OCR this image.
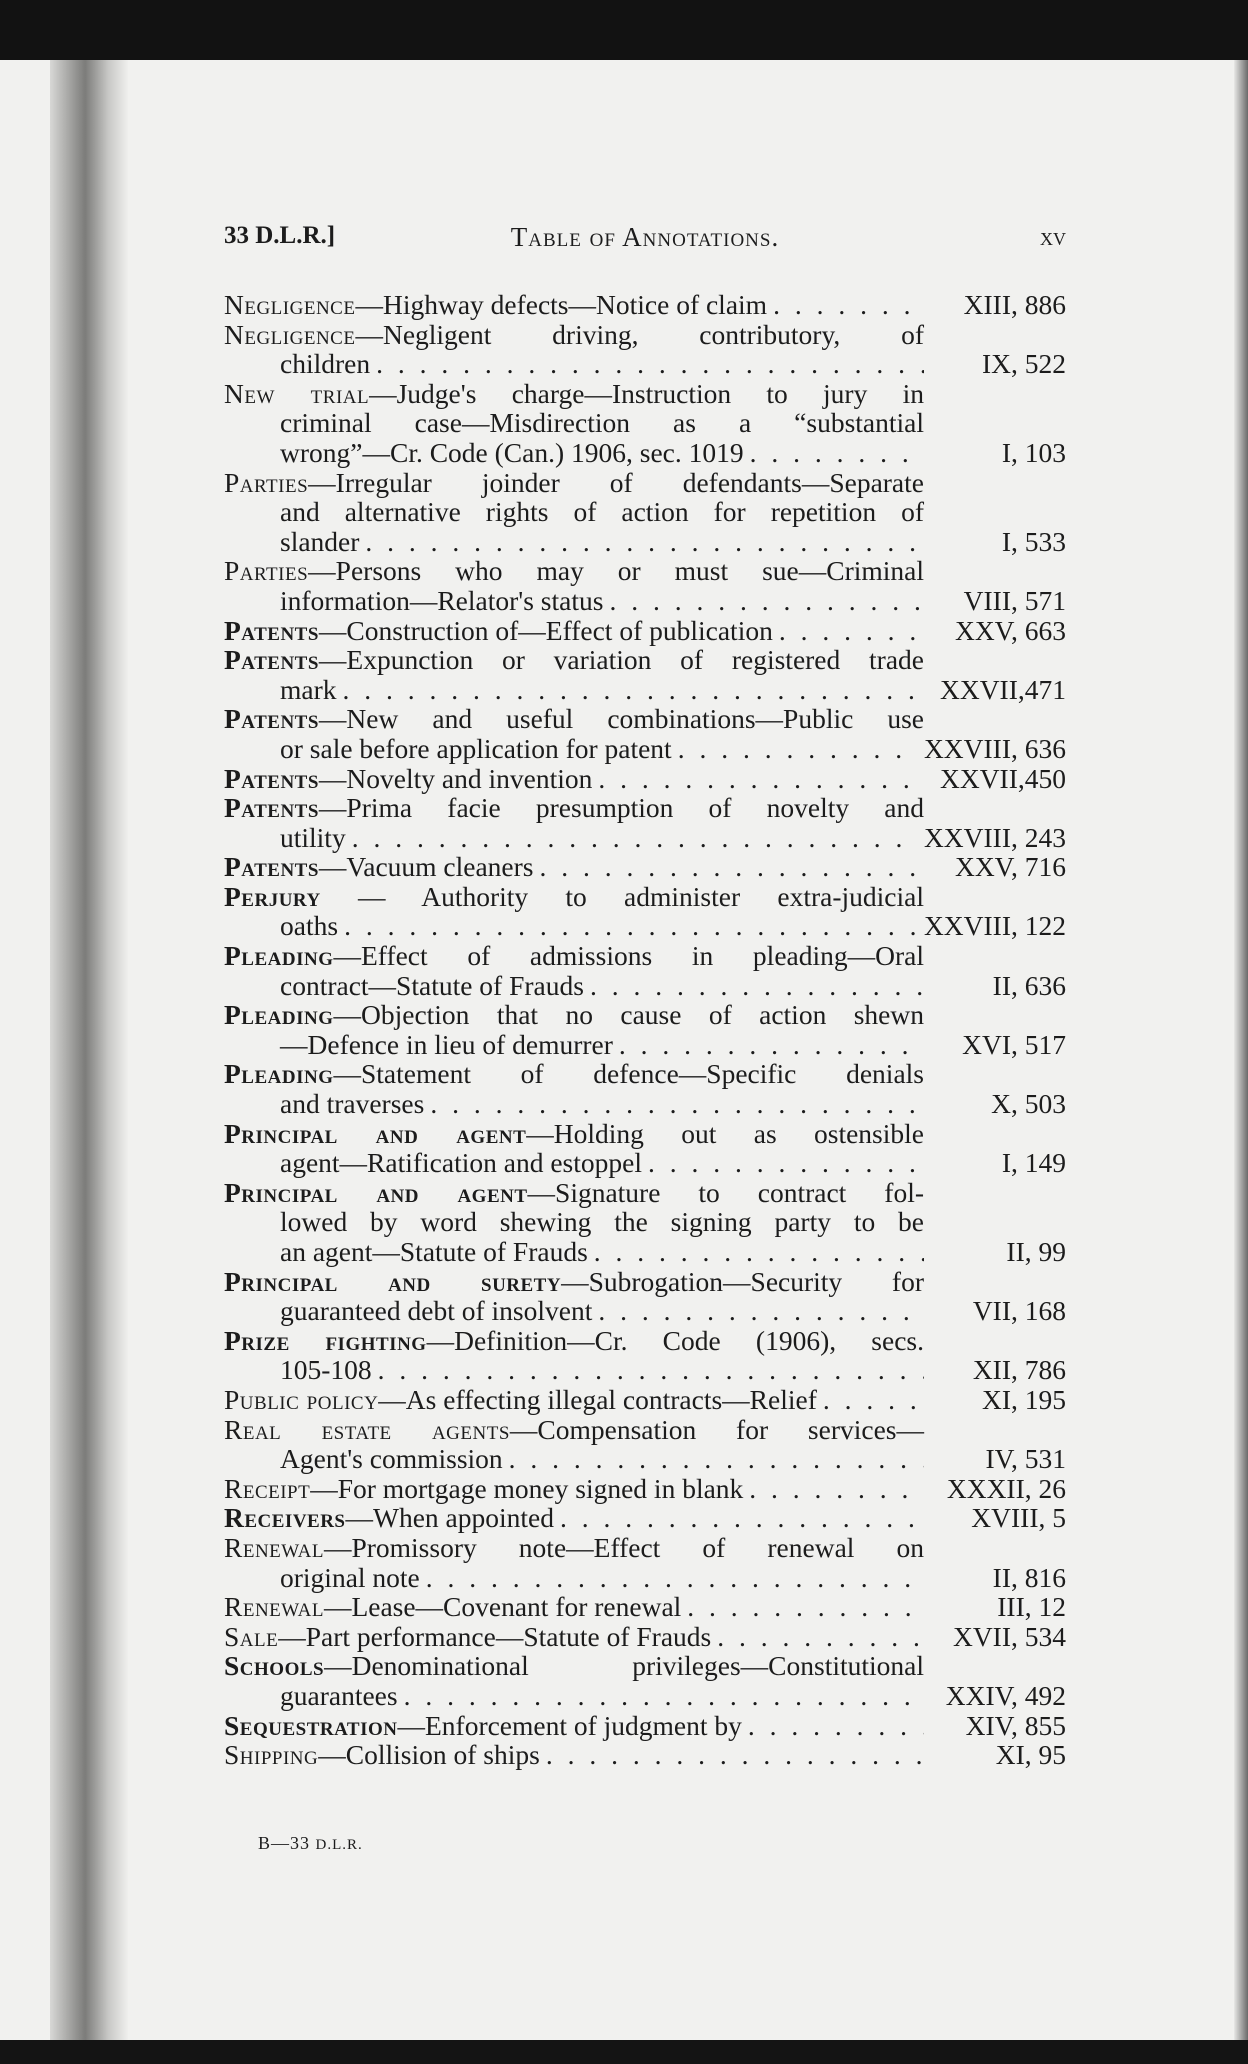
33 D.L.R.]	Table of Annotations.	xv
Negligence—Highway defects—Notice of claim . . .	XIII, 886
Negligence—Negligent driving, contributory, of
children . . .	IX, 522
New trial—Judge's charge—Instruction to jury in
criminal case—Misdirection as a “substantial
wrong”—Cr. Code (Can.) 1906, sec. 1019 . . .	I, 103
Parties—Irregular joinder of defendants—Separate
and alternative rights of action for repetition of
slander . . .	I, 533
Parties—Persons who may or must sue—Criminal
information—Relator's status . . .	VIII, 571
Patents—Construction of—Effect of publication . . .	XXV, 663
Patents—Expunction or variation of registered trade
mark . . .	XXVII,471
Patents—New and useful combinations—Public use
or sale before application for patent . . .	XXVIII, 636
Patents—Novelty and invention . . .	XXVII,450
Patents—Prima facie presumption of novelty and
utility . . .	XXVIII, 243
Patents—Vacuum cleaners . . .	XXV, 716
Perjury — Authority to administer extra-judicial
oaths . . .	XXVIII, 122
Pleading—Effect of admissions in pleading—Oral
contract—Statute of Frauds . . .	II, 636
Pleading—Objection that no cause of action shewn
—Defence in lieu of demurrer . . .	XVI, 517
Pleading—Statement of defence—Specific denials
and traverses . . .	X, 503
Principal and agent—Holding out as ostensible
agent—Ratification and estoppel . . .	I, 149
Principal and agent—Signature to contract fol-
lowed by word shewing the signing party to be
an agent—Statute of Frauds . . .	II, 99
Principal and surety—Subrogation—Security for
guaranteed debt of insolvent . . .	VII, 168
Prize fighting—Definition—Cr. Code (1906), secs.
105-108 . . .	XII, 786
Public policy—As effecting illegal contracts—Relief . . .	XI, 195
Real estate agents—Compensation for services—
Agent's commission . . .	IV, 531
Receipt—For mortgage money signed in blank . . .	XXXII, 26
Receivers—When appointed . . .	XVIII, 5
Renewal—Promissory note—Effect of renewal on
original note . . .	II, 816
Renewal—Lease—Covenant for renewal . . .	III, 12
Sale—Part performance—Statute of Frauds . . .	XVII, 534
Schools—Denominational privileges—Constitutional
guarantees . . .	XXIV, 492
Sequestration—Enforcement of judgment by . . .	XIV, 855
Shipping—Collision of ships . . .	XI, 95
B—33 D.L.R.
